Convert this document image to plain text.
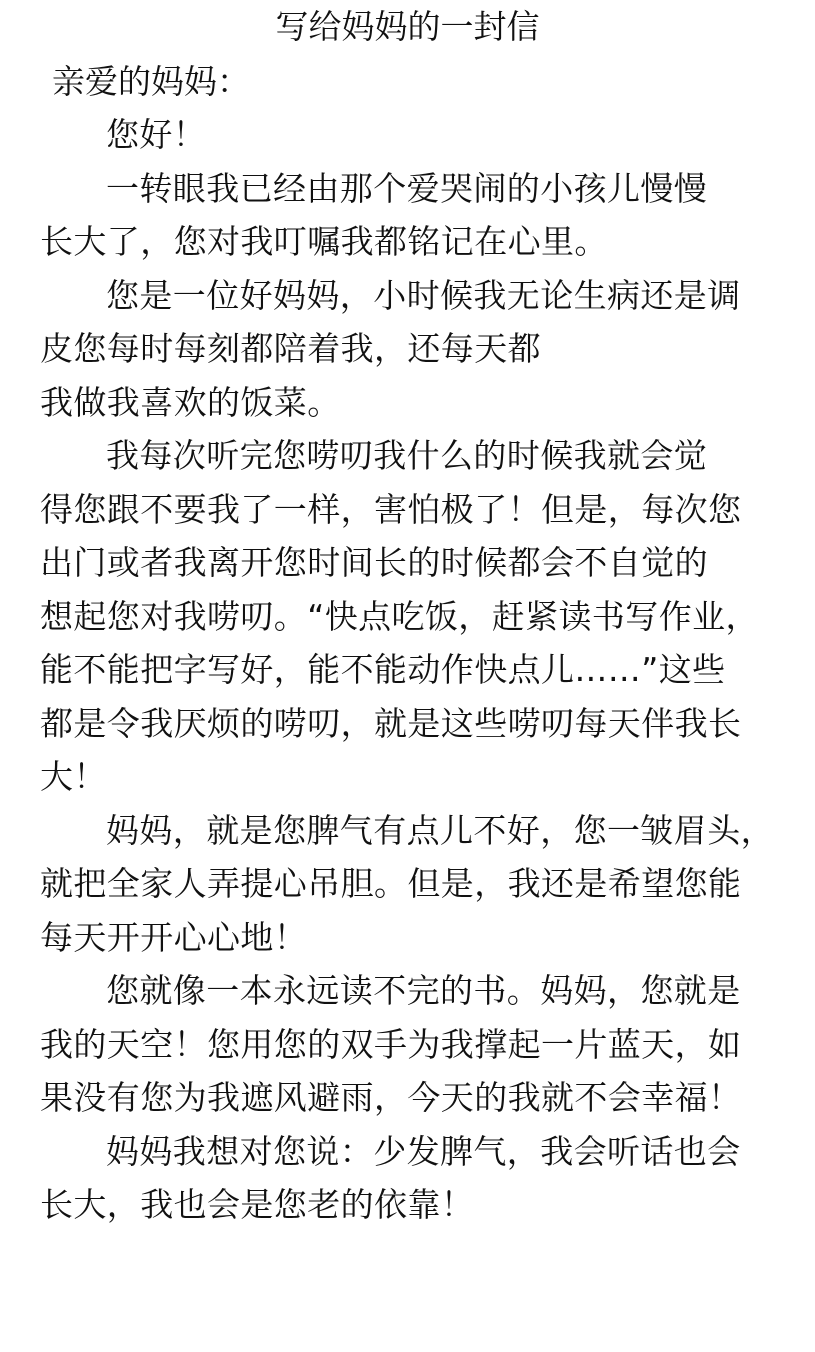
写给妈妈的一封信
亲爱的妈妈：
您好！
一转眼我已经由那个爱哭闹的小孩儿慢慢
长大了，您对我叮嘱我都铭记在心里。
您是一位好妈妈，小时候我无论生病还是调
皮您每时每刻都陪着我，还每天都
我做我喜欢的饭菜。
我每次听完您唠叨我什么的时候我就会觉
得您跟不要我了一样，害怕极了！但是，每次您
出门或者我离开您时间长的时候都会不自觉的
想起您对我唠叨。“快点吃饭，赶紧读书写作业，
能不能把字写好，能不能动作快点儿……”这些
都是令我厌烦的唠叨，就是这些唠叨每天伴我长
大！
妈妈，就是您脾气有点儿不好，您一皱眉头，
就把全家人弄提心吊胆。但是，我还是希望您能
每天开开心心地！
您就像一本永远读不完的书。妈妈，您就是
我的天空！您用您的双手为我撑起一片蓝天，如
果没有您为我遮风避雨，今天的我就不会幸福！
妈妈我想对您说：少发脾气，我会听话也会
长大，我也会是您老的依靠！
